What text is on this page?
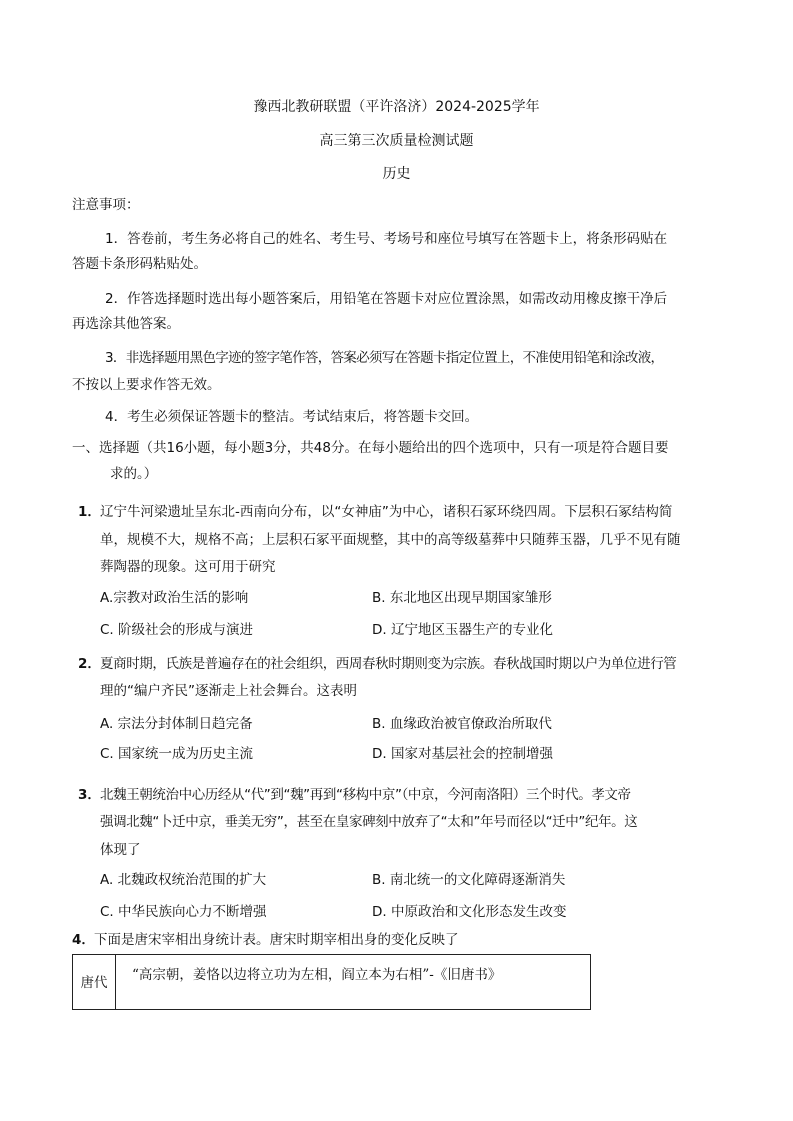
豫西北教研联盟（平许洛济）2024-2025学年
高三第三次质量检测试题
历史
注意事项：
1．答卷前，考生务必将自己的姓名、考生号、考场号和座位号填写在答题卡上，将条形码贴在
答题卡条形码粘贴处。
2．作答选择题时选出每小题答案后，用铅笔在答题卡对应位置涂黑，如需改动用橡皮擦干净后
再选涂其他答案。
3．非选择题用黑色字迹的签字笔作答，答案必须写在答题卡指定位置上，不准使用铅笔和涂改液，
不按以上要求作答无效。
4．考生必须保证答题卡的整洁。考试结束后，将答题卡交回。
一、选择题（共16小题，每小题3分，共48分。在每小题给出的四个选项中，只有一项是符合题目要
求的。）
1． 辽宁牛河梁遗址呈东北-西南向分布，以“女神庙”为中心，诸积石冢环绕四周。下层积石冢结构简
单，规模不大，规格不高；上层积石冢平面规整，其中的高等级墓葬中只随葬玉器，几乎不见有随
葬陶器的现象。这可用于研究
A.宗教对政治生活的影响	B. 东北地区出现早期国家雏形
C. 阶级社会的形成与演进	D. 辽宁地区玉器生产的专业化
2． 夏商时期，氏族是普遍存在的社会组织，西周春秋时期则变为宗族。春秋战国时期以户为单位进行管
理的“编户齐民”逐渐走上社会舞台。这表明
A. 宗法分封体制日趋完备	B. 血缘政治被官僚政治所取代
C. 国家统一成为历史主流	D. 国家对基层社会的控制增强
3． 北魏王朝统治中心历经从“代”到“魏”再到“移构中京”（中京，今河南洛阳）三个时代。孝文帝
强调北魏“卜迁中京，垂美无穷”，甚至在皇家碑刻中放弃了“太和”年号而径以“迁中”纪年。这
体现了
A. 北魏政权统治范围的扩大	B. 南北统一的文化障碍逐渐消失
C. 中华民族向心力不断增强	D. 中原政治和文化形态发生改变
4． 下面是唐宋宰相出身统计表。唐宋时期宰相出身的变化反映了
唐代	“高宗朝，姜恪以边将立功为左相，阎立本为右相”-《旧唐书》
